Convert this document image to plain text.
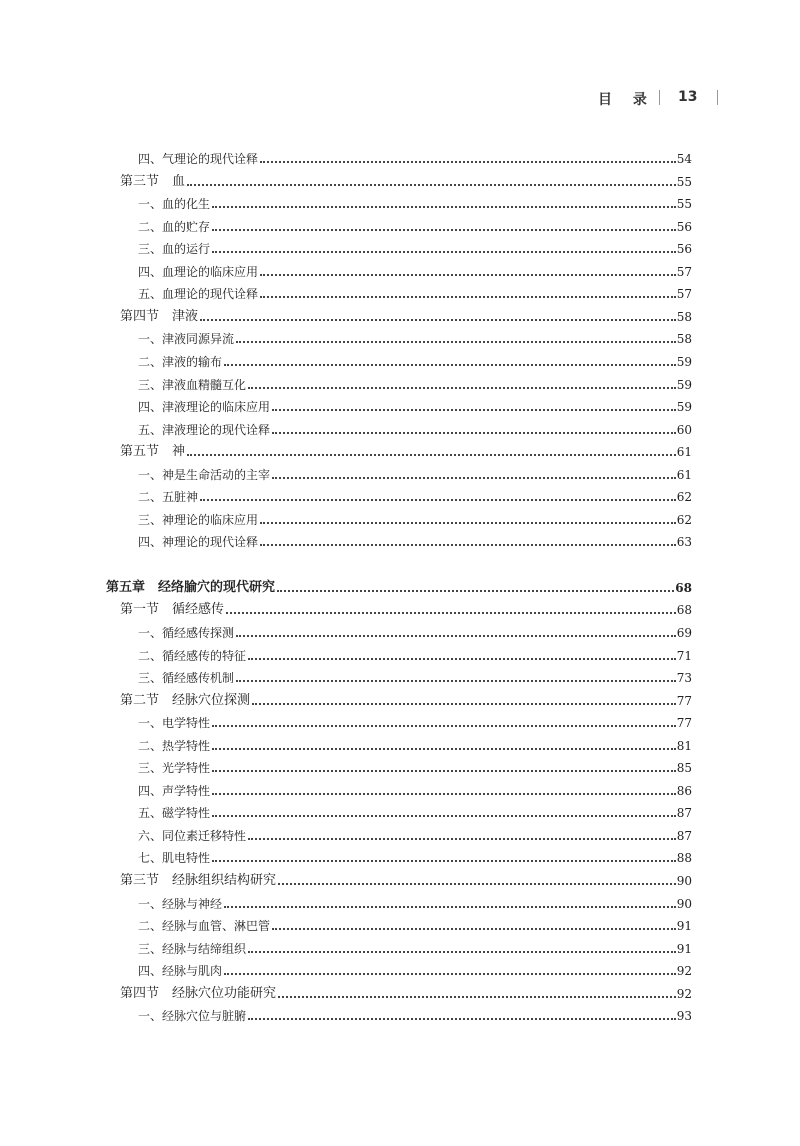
目 录 13
四、气理论的现代诠释	54
第三节　血	55
一、血的化生	55
二、血的贮存	56
三、血的运行	56
四、血理论的临床应用	57
五、血理论的现代诠释	57
第四节　津液	58
一、津液同源异流	58
二、津液的输布	59
三、津液血精髓互化	59
四、津液理论的临床应用	59
五、津液理论的现代诠释	60
第五节　神	61
一、神是生命活动的主宰	61
二、五脏神	62
三、神理论的临床应用	62
四、神理论的现代诠释	63
第五章　经络腧穴的现代研究	68
第一节　循经感传	68
一、循经感传探测	69
二、循经感传的特征	71
三、循经感传机制	73
第二节　经脉穴位探测	77
一、电学特性	77
二、热学特性	81
三、光学特性	85
四、声学特性	86
五、磁学特性	87
六、同位素迁移特性	87
七、肌电特性	88
第三节　经脉组织结构研究	90
一、经脉与神经	90
二、经脉与血管、淋巴管	91
三、经脉与结缔组织	91
四、经脉与肌肉	92
第四节　经脉穴位功能研究	92
一、经脉穴位与脏腑	93
